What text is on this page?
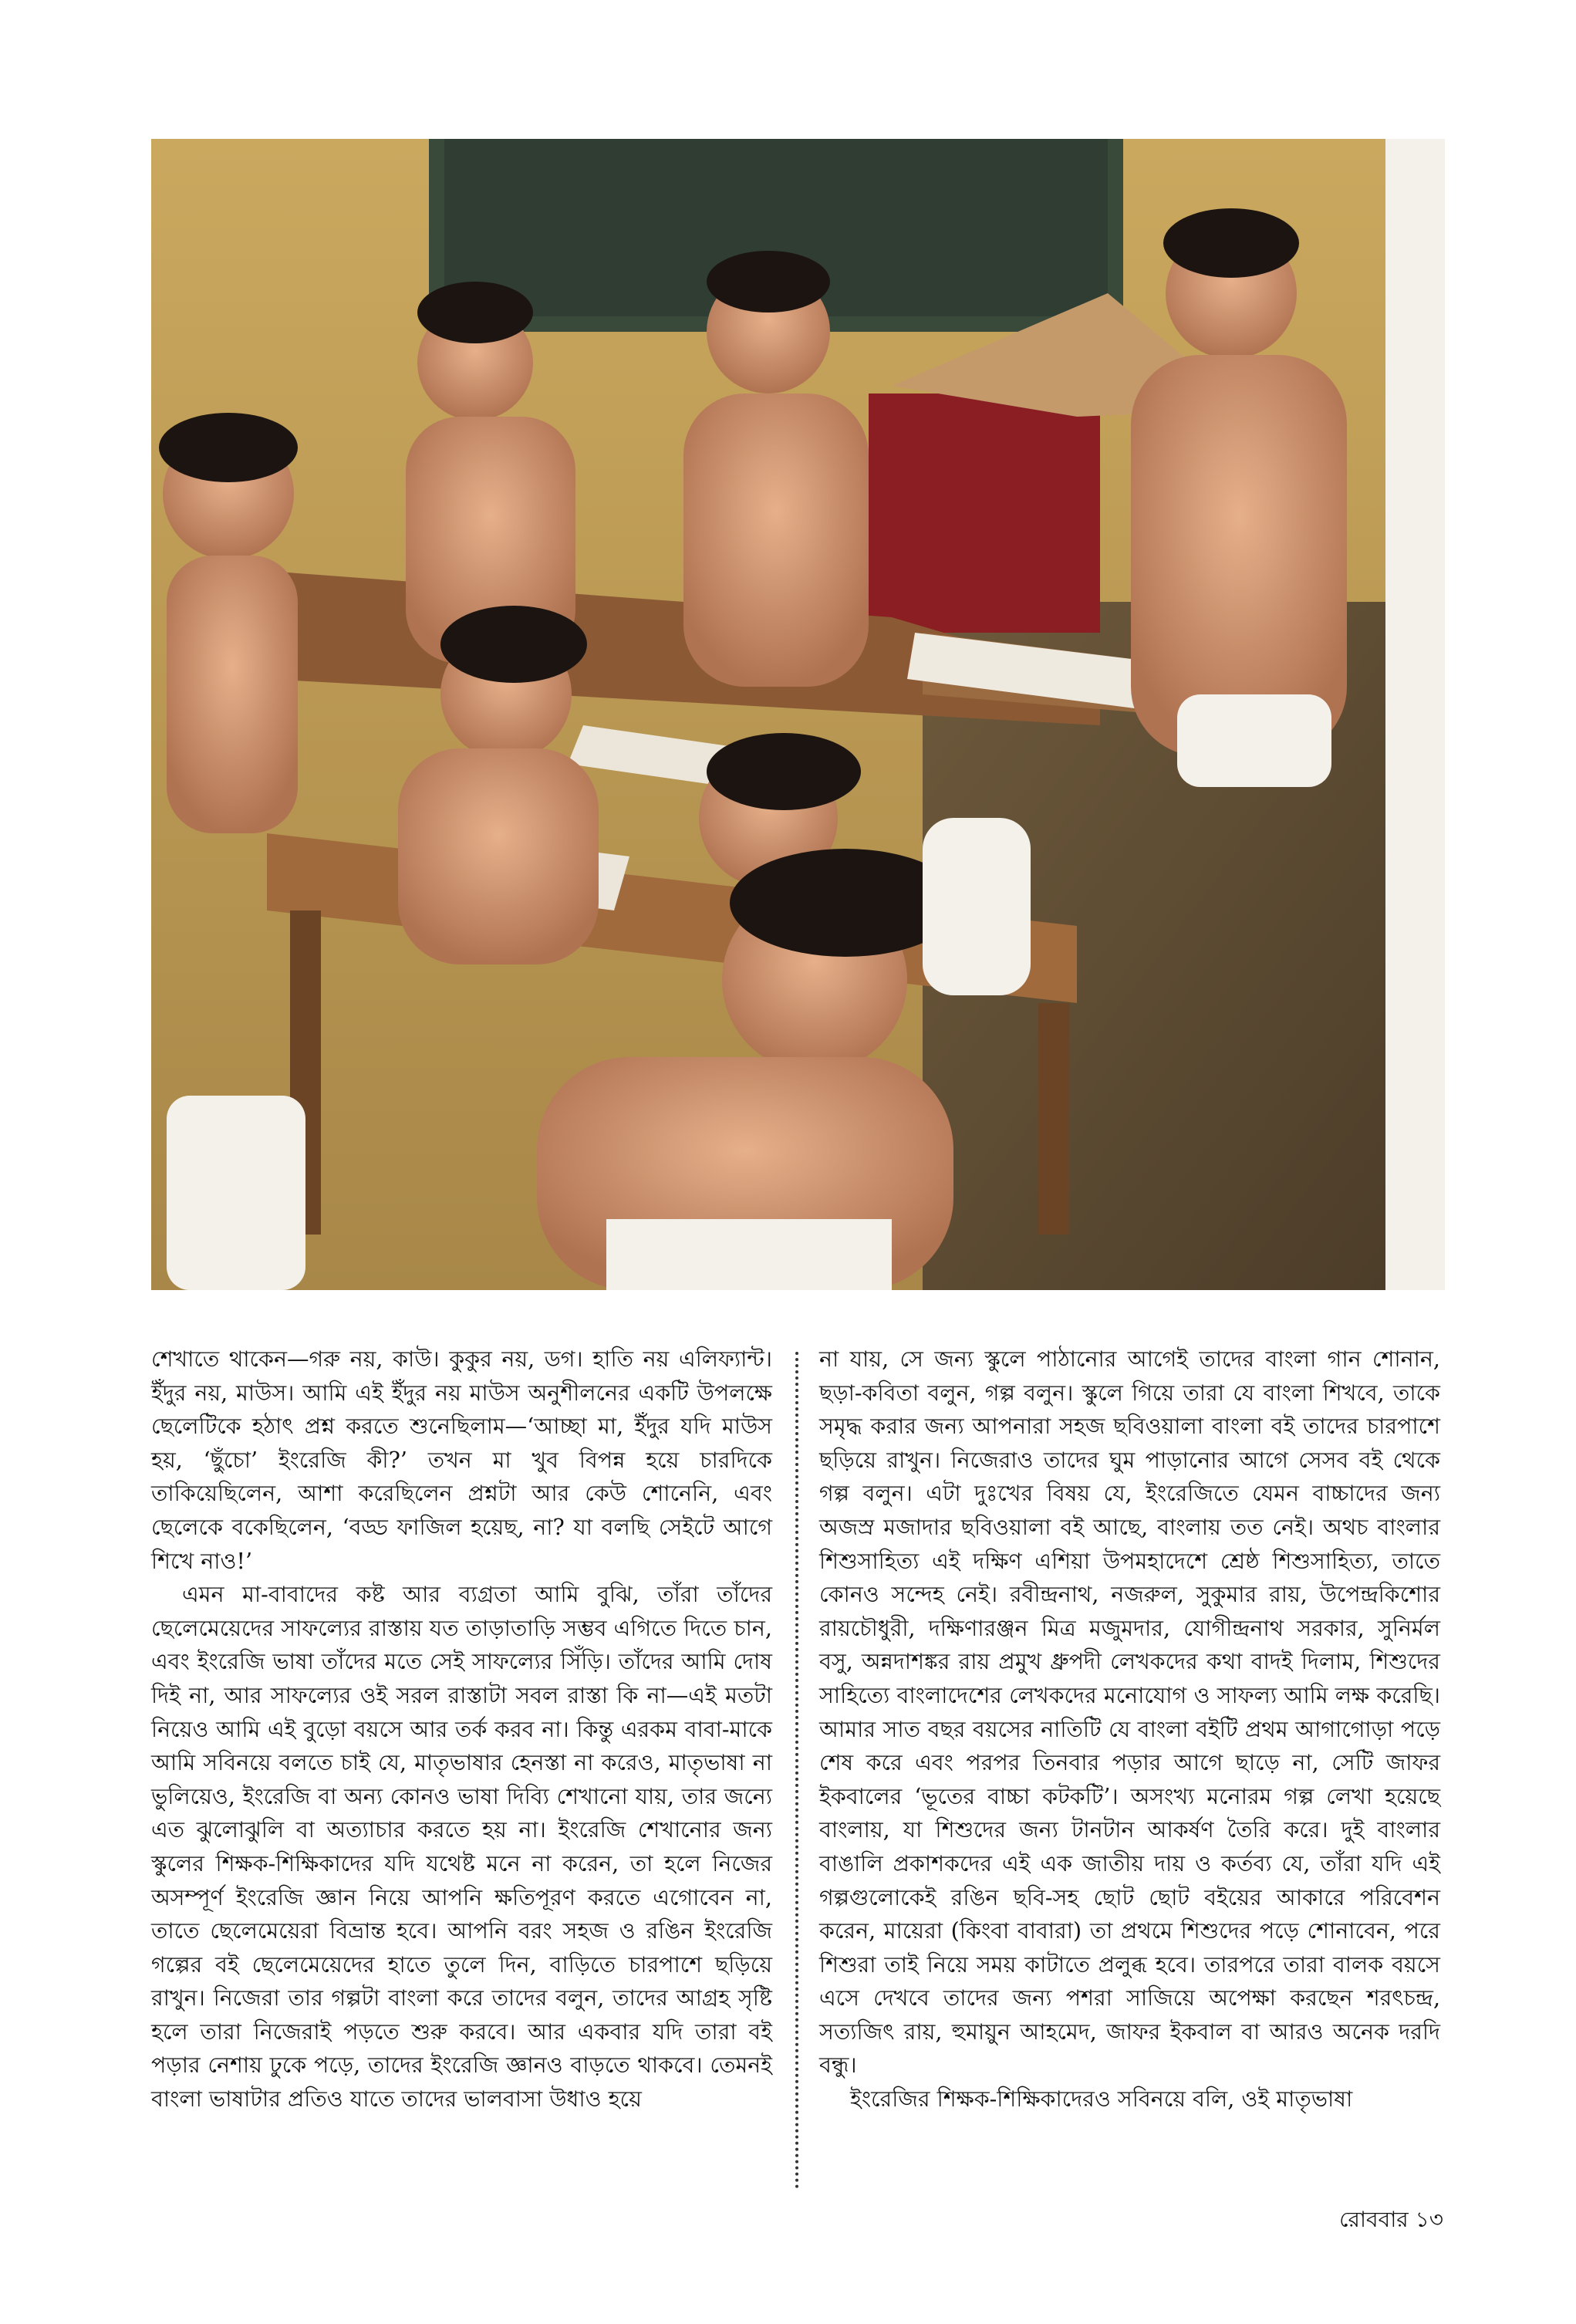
শেখাতে থাকেন—গরু নয়, কাউ। কুকুর নয়, ডগ। হাতি নয় এলিফ্যান্ট। ইঁদুর নয়, মাউস। আমি এই ইঁদুর নয় মাউস অনুশীলনের একটি উপলক্ষে ছেলেটিকে হঠাৎ প্রশ্ন করতে শুনেছিলাম—‘আচ্ছা মা, ইঁদুর যদি মাউস হয়, ‘ছুঁচো’ ইংরেজি কী?’ তখন মা খুব বিপন্ন হয়ে চারদিকে তাকিয়েছিলেন, আশা করেছিলেন প্রশ্নটা আর কেউ শোনেনি, এবং ছেলেকে বকেছিলেন, ‘বড্ড ফাজিল হয়েছ, না? যা বলছি সেইটে আগে শিখে নাও!’

এমন মা-বাবাদের কষ্ট আর ব্যগ্রতা আমি বুঝি, তাঁরা তাঁদের ছেলেমেয়েদের সাফল্যের রাস্তায় যত তাড়াতাড়ি সম্ভব এগিতে দিতে চান, এবং ইংরেজি ভাষা তাঁদের মতে সেই সাফল্যের সিঁড়ি। তাঁদের আমি দোষ দিই না, আর সাফল্যের ওই সরল রাস্তাটা সবল রাস্তা কি না—এই মতটা নিয়েও আমি এই বুড়ো বয়সে আর তর্ক করব না। কিন্তু এরকম বাবা-মাকে আমি সবিনয়ে বলতে চাই যে, মাতৃভাষার হেনস্তা না করেও, মাতৃভাষা না ভুলিয়েও, ইংরেজি বা অন্য কোনও ভাষা দিব্যি শেখানো যায়, তার জন্যে এত ঝুলোঝুলি বা অত্যাচার করতে হয় না। ইংরেজি শেখানোর জন্য স্কুলের শিক্ষক-শিক্ষিকাদের যদি যথেষ্ট মনে না করেন, তা হলে নিজের অসম্পূর্ণ ইংরেজি জ্ঞান নিয়ে আপনি ক্ষতিপূরণ করতে এগোবেন না, তাতে ছেলেমেয়েরা বিভ্রান্ত হবে। আপনি বরং সহজ ও রঙিন ইংরেজি গল্পের বই ছেলেমেয়েদের হাতে তুলে দিন, বাড়িতে চারপাশে ছড়িয়ে রাখুন। নিজেরা তার গল্পটা বাংলা করে তাদের বলুন, তাদের আগ্রহ সৃষ্টি হলে তারা নিজেরাই পড়তে শুরু করবে। আর একবার যদি তারা বই পড়ার নেশায় ঢুকে পড়ে, তাদের ইংরেজি জ্ঞানও বাড়তে থাকবে। তেমনই বাংলা ভাষাটার প্রতিও যাতে তাদের ভালবাসা উধাও হয়ে

না যায়, সে জন্য স্কুলে পাঠানোর আগেই তাদের বাংলা গান শোনান, ছড়া-কবিতা বলুন, গল্প বলুন। স্কুলে গিয়ে তারা যে বাংলা শিখবে, তাকে সমৃদ্ধ করার জন্য আপনারা সহজ ছবিওয়ালা বাংলা বই তাদের চারপাশে ছড়িয়ে রাখুন। নিজেরাও তাদের ঘুম পাড়ানোর আগে সেসব বই থেকে গল্প বলুন। এটা দুঃখের বিষয় যে, ইংরেজিতে যেমন বাচ্চাদের জন্য অজস্র মজাদার ছবিওয়ালা বই আছে, বাংলায় তত নেই। অথচ বাংলার শিশুসাহিত্য এই দক্ষিণ এশিয়া উপমহাদেশে শ্রেষ্ঠ শিশুসাহিত্য, তাতে কোনও সন্দেহ নেই। রবীন্দ্রনাথ, নজরুল, সুকুমার রায়, উপেন্দ্রকিশোর রায়চৌধুরী, দক্ষিণারঞ্জন মিত্র মজুমদার, যোগীন্দ্রনাথ সরকার, সুনির্মল বসু, অন্নদাশঙ্কর রায় প্রমুখ ধ্রুপদী লেখকদের কথা বাদই দিলাম, শিশুদের সাহিত্যে বাংলাদেশের লেখকদের মনোযোগ ও সাফল্য আমি লক্ষ করেছি। আমার সাত বছর বয়সের নাতিটি যে বাংলা বইটি প্রথম আগাগোড়া পড়ে শেষ করে এবং পরপর তিনবার পড়ার আগে ছাড়ে না, সেটি জাফর ইকবালের ‘ভূতের বাচ্চা কটকটি’। অসংখ্য মনোরম গল্প লেখা হয়েছে বাংলায়, যা শিশুদের জন্য টানটান আকর্ষণ তৈরি করে। দুই বাংলার বাঙালি প্রকাশকদের এই এক জাতীয় দায় ও কর্তব্য যে, তাঁরা যদি এই গল্পগুলোকেই রঙিন ছবি-সহ ছোট ছোট বইয়ের আকারে পরিবেশন করেন, মায়েরা (কিংবা বাবারা) তা প্রথমে শিশুদের পড়ে শোনাবেন, পরে শিশুরা তাই নিয়ে সময় কাটাতে প্রলুব্ধ হবে। তারপরে তারা বালক বয়সে এসে দেখবে তাদের জন্য পশরা সাজিয়ে অপেক্ষা করছেন শরৎচন্দ্র, সত্যজিৎ রায়, হুমায়ুন আহমেদ, জাফর ইকবাল বা আরও অনেক দরদি বন্ধু।

ইংরেজির শিক্ষক-শিক্ষিকাদেরও সবিনয়ে বলি, ওই মাতৃভাষা

রোববার ১৩
